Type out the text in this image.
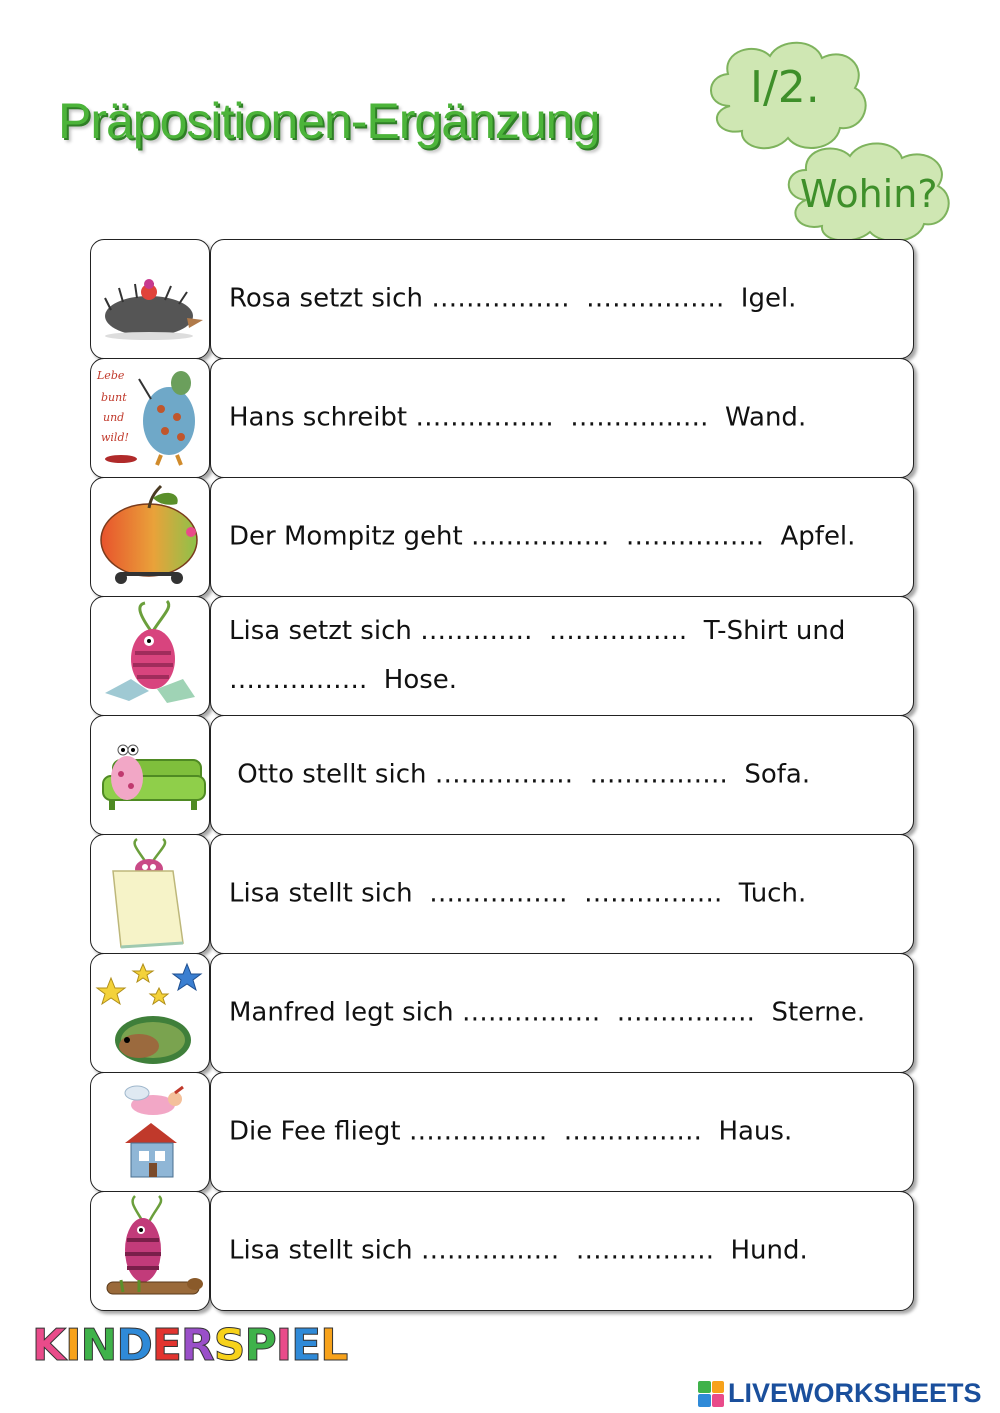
Präpositionen-Ergänzung
I/2.
Wohin?
Rosa setzt sich …………….  …………….  Igel.
Lebe
bunt
und
wild!
Hans schreibt …………….  …………….  Wand.
Der Mompitz geht …………….  …………….  Apfel.
Lisa setzt sich ………….  …………….  T-Shirt und
…………….  Hose.
Otto stellt sich …………….  …………….  Sofa.
Lisa stellt sich  …………….  …………….  Tuch.
Manfred legt sich …………….  …………….  Sterne.
Die Fee fliegt …………….  …………….  Haus.
Lisa stellt sich …………….  …………….  Hund.
KINDERSPIEL
LIVEWORKSHEETS
